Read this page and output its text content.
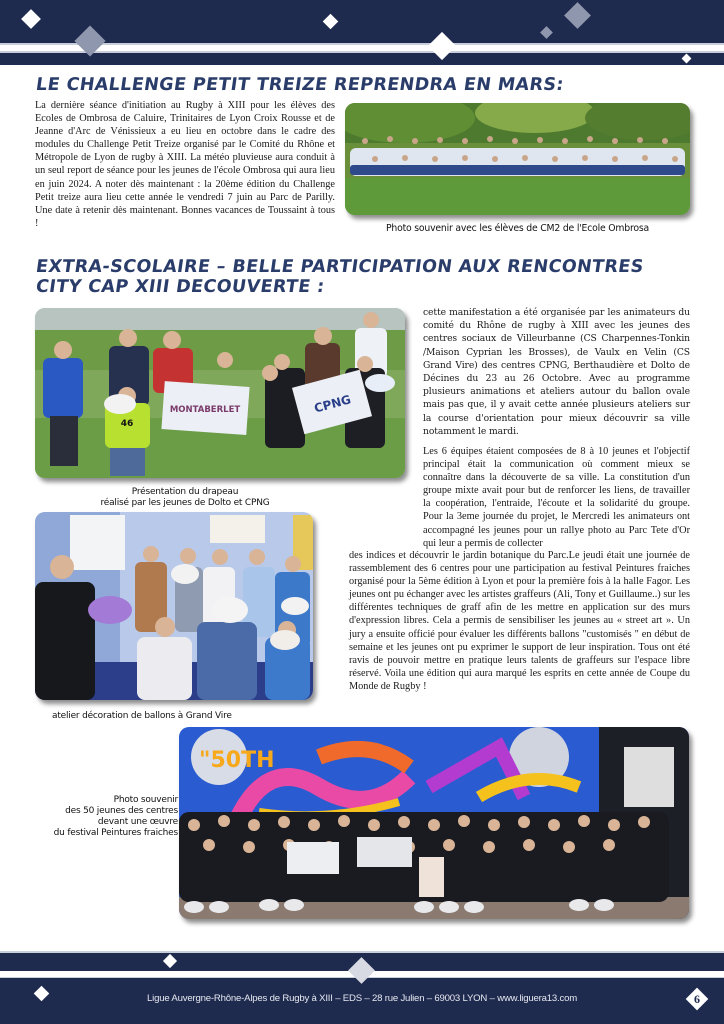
LE CHALLENGE PETIT TREIZE REPRENDRA EN MARS:
La dernière séance d'initiation au Rugby à XIII pour les élèves des Ecoles de Ombrosa de Caluire, Trinitaires de Lyon Croix Rousse et de Jeanne d'Arc de Vénissieux a eu lieu en octobre dans le cadre des modules du Challenge Petit Treize organisé par le Comité du Rhône et Métropole de Lyon de rugby à XIII. La météo pluvieuse aura conduit à un seul report de séance pour les jeunes de l'école Ombrosa qui aura lieu en juin 2024. A noter dès maintenant : la 20ème édition du Challenge Petit treize aura lieu cette année le vendredi 7 juin au Parc de Parilly. Une date à retenir dès maintenant. Bonnes vacances de Toussaint à tous !	Photo souvenir avec les élèves de CM2 de l'Ecole Ombrosa
EXTRA-SCOLAIRE – BELLE PARTICIPATION AUX RENCONTRES
CITY CAP XIII DECOUVERTE :
MONTABERLET	CPNG
46
Présentation du drapeau
réalisé par les jeunes de Dolto et CPNG
atelier décoration de ballons à Grand Vire
cette manifestation a été organisée par les animateurs du comité du Rhône de rugby à XIII avec les jeunes des centres sociaux de Villeurbanne (CS Charpennes-Tonkin /Maison Cyprian les Brosses), de Vaulx en Velin (CS Grand Vire) des centres CPNG, Berthaudière et Dolto de Décines du 23 au 26 Octobre. Avec au programme plusieurs animations et ateliers autour du ballon ovale mais pas que, il y avait cette année plusieurs ateliers sur la course d'orientation pour mieux découvrir sa ville notamment le mardi.
Les 6 équipes étaient composées de 8 à 10 jeunes et l'objectif principal était la communication où comment mieux se connaître dans la découverte de sa ville. La constitution d'un groupe mixte avait pour but de renforcer les liens, de travailler la coopération, l'entraide, l'écoute et la solidarité du groupe. Pour la 3eme journée du projet, le Mercredi les animateurs ont accompagné les jeunes pour un rallye photo au Parc Tete d'Or qui leur a permis de collecter
des indices et découvrir le jardin botanique du Parc.Le jeudi était une journée de rassemblement des 6 centres pour une participation au festival Peintures fraiches organisé pour la 5ème édition à Lyon et pour la première fois à la halle Fagor. Les jeunes ont pu échanger avec les artistes graffeurs (Ali, Tony et Guillaume..) sur les différentes techniques de graff afin de les mettre en application sur des murs d'expression libres. Cela a permis de sensibiliser les jeunes au « street art ». Un jury a ensuite officié pour évaluer les différents ballons "customisés " en début de semaine et les jeunes ont pu exprimer le support de leur inspiration. Tous ont été ravis de pouvoir mettre en pratique leurs talents de graffeurs sur l'espace libre réservé. Voila une édition qui aura marqué les esprits en cette année de Coupe du Monde de Rugby !
Photo souvenir
des 50 jeunes des centres
devant une œuvre
du festival Peintures fraiches
"50TH
6
Ligue Auvergne-Rhône-Alpes de Rugby à XIII – EDS – 28 rue Julien – 69003 LYON – www.liguera13.com
